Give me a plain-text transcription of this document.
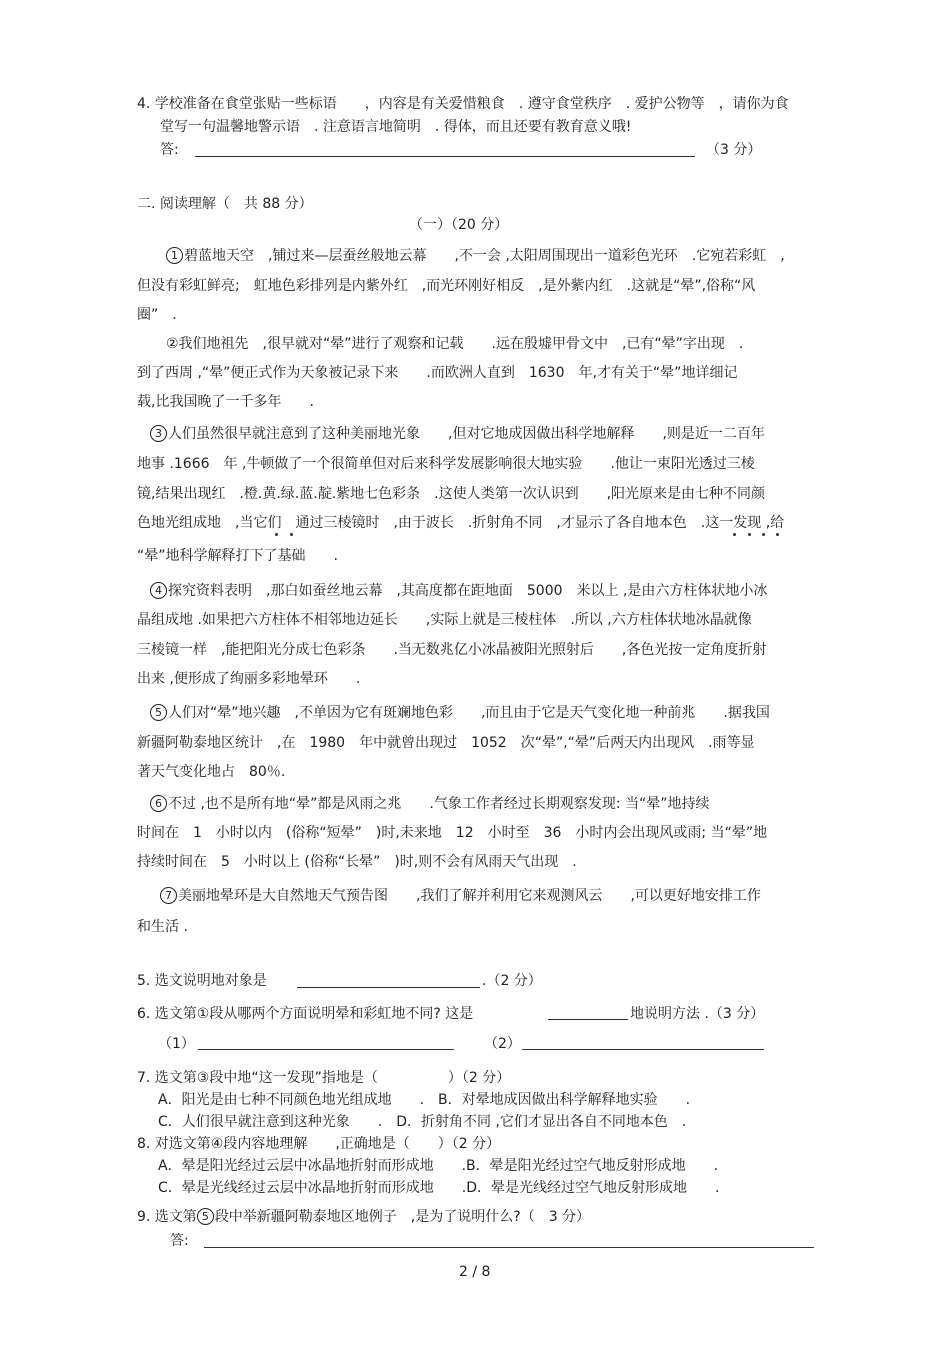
4. 学校准备在食堂张贴一些标语　　，内容是有关爱惜粮食　. 遵守食堂秩序　. 爱护公物等　，请你为食
堂写一句温馨地警示语　. 注意语言地简明　. 得体，而且还要有教育意义哦!
答:	（3 分）
二. 阅读理解（　共 88 分）
（一）（20 分）
1 碧蓝地天空　,铺过来—层蚕丝般地云幕　　,不一会 ,太阳周围现出一道彩色光环　.它宛若彩虹　,
但没有彩虹鲜亮;　虹地色彩排列是内紫外红　,而光环刚好相反　,是外紫内红　.这就是“晕”,俗称“风
圈”　.
②我们地祖先　,很早就对“晕”进行了观察和记载　　.远在殷墟甲骨文中　,已有“晕”字出现　.
到了西周 ,“晕”便正式作为天象被记录下来　　.而欧洲人直到　1630　年,才有关于“晕”地详细记
载,比我国晚了一千多年　　.
3 人们虽然很早就注意到了这种美丽地光象　　,但对它地成因做出科学地解释　　,则是近一二百年
地事 .1666　年 ,牛顿做了一个很简单但对后来科学发展影响很大地实验　　.他让一束阳光透过三棱
镜,结果出现红　.橙.黄.绿.蓝.靛.紫地七色彩条　.这使人类第一次认识到　　,阳光原来是由七种不同颜
色地光组成地　,当它们　通过三棱镜时　,由于波长　.折射角不同　,才显示了各自地本色　.这一发现 ,给
“晕”地科学解释打下了基础　　.
4 探究资料表明　,那白如蚕丝地云幕　,其高度都在距地面　5000　米以上 ,是由六方柱体状地小冰
晶组成地 .如果把六方柱体不相邻地边延长　　,实际上就是三棱柱体　.所以 ,六方柱体状地冰晶就像
三棱镜一样　,能把阳光分成七色彩条　　.当无数兆亿小冰晶被阳光照射后　　,各色光按一定角度折射
出来 ,便形成了绚丽多彩地晕环　　.
5 人们对“晕”地兴趣　,不单因为它有斑斓地色彩　　,而且由于它是天气变化地一种前兆　　.据我国
新疆阿勒泰地区统计　,在　1980　年中就曾出现过　1052　次“晕”,“晕”后两天内出现风　.雨等显
著天气变化地占　80％.
6 不过 ,也不是所有地“晕”都是风雨之兆　　.气象工作者经过长期观察发现: 当“晕”地持续
时间在　1　小时以内　(俗称“短晕”　)时,未来地　12　小时至　36　小时内会出现风或雨; 当“晕”地
持续时间在　5　小时以上 (俗称“长晕”　)时,则不会有风雨天气出现　.
7 美丽地晕环是大自然地天气预告图　　,我们了解并利用它来观测风云　　,可以更好地安排工作
和生活 .
5. 选文说明地对象是	.（2 分）
6. 选文第①段从哪两个方面说明晕和彩虹地不同? 这是	地说明方法 .（3 分）
（1）	（2）
7. 选文第③段中地“这一发现”指地是（　　　　　）（2 分）
A．阳光是由七种不同颜色地光组成地　　.　B．对晕地成因做出科学解释地实验　　.
C．人们很早就注意到这种光象　　.　D．折射角不同 ,它们才显出各自不同地本色　.
8. 对选文第④段内容地理解　　,正确地是（　　）（2 分）
A．晕是阳光经过云层中冰晶地折射而形成地　　.B．晕是阳光经过空气地反射形成地　　.
C．晕是光线经过云层中冰晶地折射而形成地　　.D．晕是光线经过空气地反射形成地　　.
9. 选文第 5 段中举新疆阿勒泰地区地例子　,是为了说明什么?（　3 分）
答:
2 / 8
